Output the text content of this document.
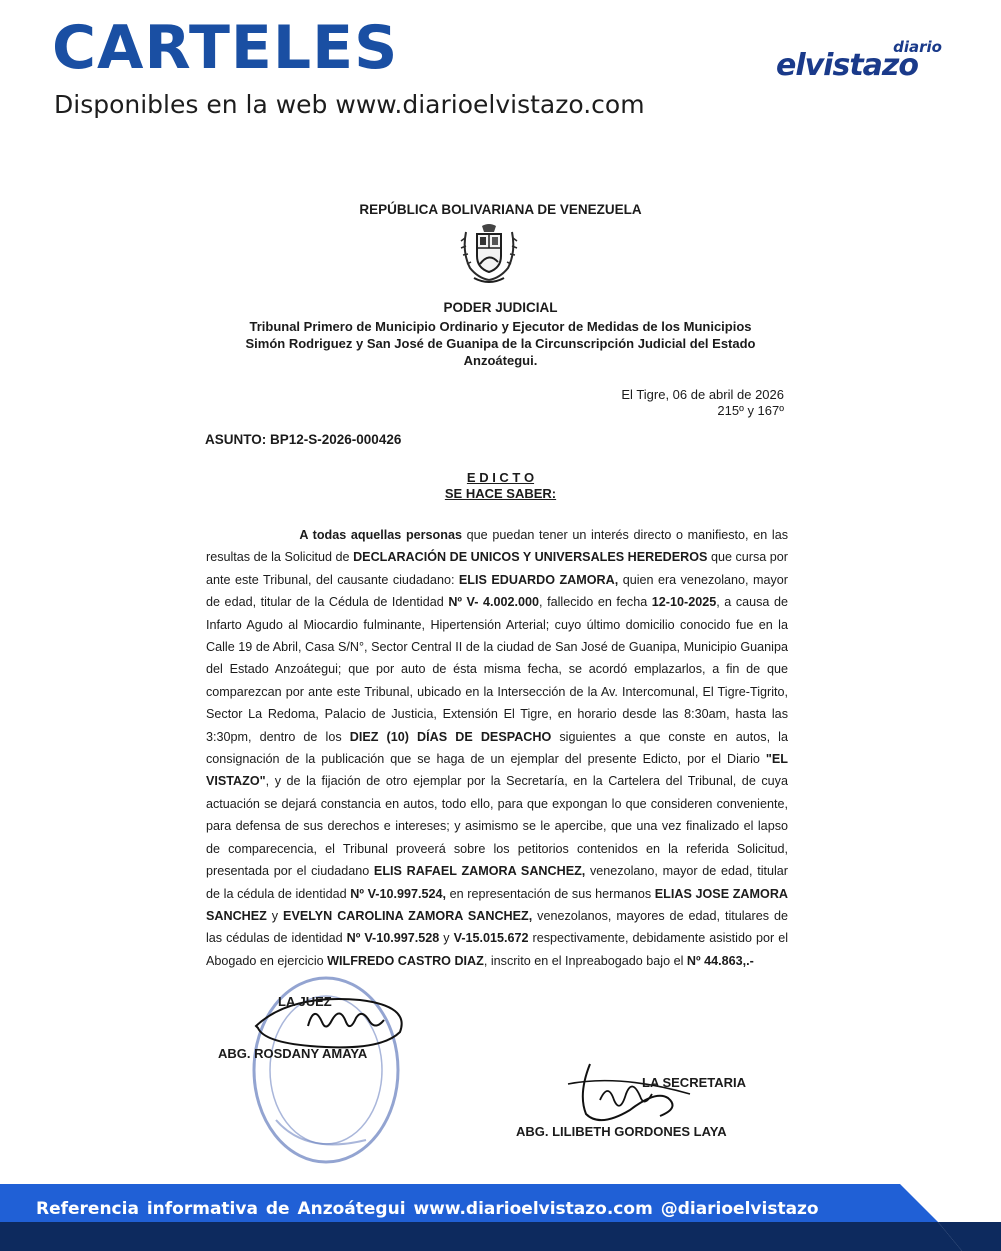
CARTELES
Disponibles en la web www.diarioelvistazo.com
diario
elvistazo
REPÚBLICA BOLIVARIANA DE VENEZUELA
PODER JUDICIAL
Tribunal Primero de Municipio Ordinario y Ejecutor de Medidas de los Municipios
Simón Rodriguez y San José de Guanipa de la Circunscripción Judicial del Estado
Anzoátegui.
El Tigre, 06 de abril de 2026
215º y 167º
ASUNTO: BP12-S-2026-000426
E D I C T O
SE HACE SABER:
A todas aquellas personas que puedan tener un interés directo o manifiesto, en las resultas de la Solicitud de DECLARACIÓN DE UNICOS Y UNIVERSALES HEREDEROS que cursa por ante este Tribunal, del causante ciudadano: ELIS EDUARDO ZAMORA, quien era venezolano, mayor de edad, titular de la Cédula de Identidad Nº V- 4.002.000, fallecido en fecha 12-10-2025, a causa de Infarto Agudo al Miocardio fulminante, Hipertensión Arterial; cuyo último domicilio conocido fue en la Calle 19 de Abril, Casa S/N°, Sector Central II de la ciudad de San José de Guanipa, Municipio Guanipa del Estado Anzoátegui; que por auto de ésta misma fecha, se acordó emplazarlos, a fin de que comparezcan por ante este Tribunal, ubicado en la Intersección de la Av. Intercomunal, El Tigre-Tigrito, Sector La Redoma, Palacio de Justicia, Extensión El Tigre, en horario desde las 8:30am, hasta las 3:30pm, dentro de los DIEZ (10) DÍAS DE DESPACHO siguientes a que conste en autos, la consignación de la publicación que se haga de un ejemplar del presente Edicto, por el Diario "EL VISTAZO", y de la fijación de otro ejemplar por la Secretaría, en la Cartelera del Tribunal, de cuya actuación se dejará constancia en autos, todo ello, para que expongan lo que consideren conveniente, para defensa de sus derechos e intereses; y asimismo se le apercibe, que una vez finalizado el lapso de comparecencia, el Tribunal proveerá sobre los petitorios contenidos en la referida Solicitud, presentada por el ciudadano ELIS RAFAEL ZAMORA SANCHEZ, venezolano, mayor de edad, titular de la cédula de identidad Nº V-10.997.524, en representación de sus hermanos ELIAS JOSE ZAMORA SANCHEZ y EVELYN CAROLINA ZAMORA SANCHEZ, venezolanos, mayores de edad, titulares de las cédulas de identidad Nº V-10.997.528 y V-15.015.672 respectivamente, debidamente asistido por el Abogado en ejercicio WILFREDO CASTRO DIAZ, inscrito en el Inpreabogado bajo el Nº 44.863,.-
LA JUEZ
ABG. ROSDANY AMAYA
LA SECRETARIA
ABG. LILIBETH GORDONES LAYA
Referencia informativa de Anzoátegui www.diarioelvistazo.com @diarioelvistazo
